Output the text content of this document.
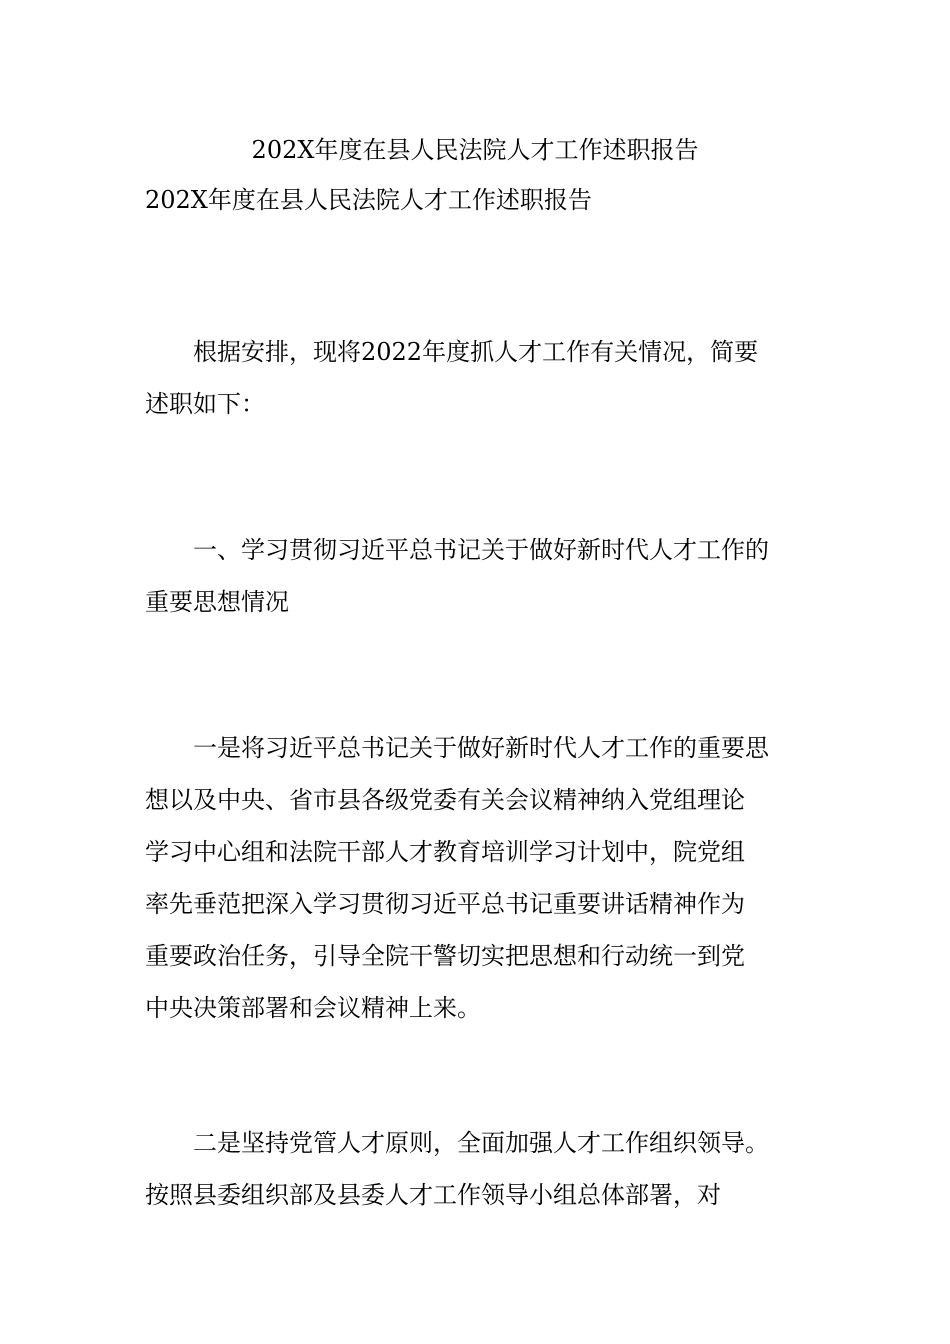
202X年度在县人民法院人才工作述职报告
202X年度在县人民法院人才工作述职报告

根据安排，现将2022年度抓人才工作有关情况，简要
述职如下：

一、学习贯彻习近平总书记关于做好新时代人才工作的
重要思想情况

一是将习近平总书记关于做好新时代人才工作的重要思
想以及中央、省市县各级党委有关会议精神纳入党组理论
学习中心组和法院干部人才教育培训学习计划中，院党组
率先垂范把深入学习贯彻习近平总书记重要讲话精神作为
重要政治任务，引导全院干警切实把思想和行动统一到党
中央决策部署和会议精神上来。

二是坚持党管人才原则，全面加强人才工作组织领导。
按照县委组织部及县委人才工作领导小组总体部署，对
